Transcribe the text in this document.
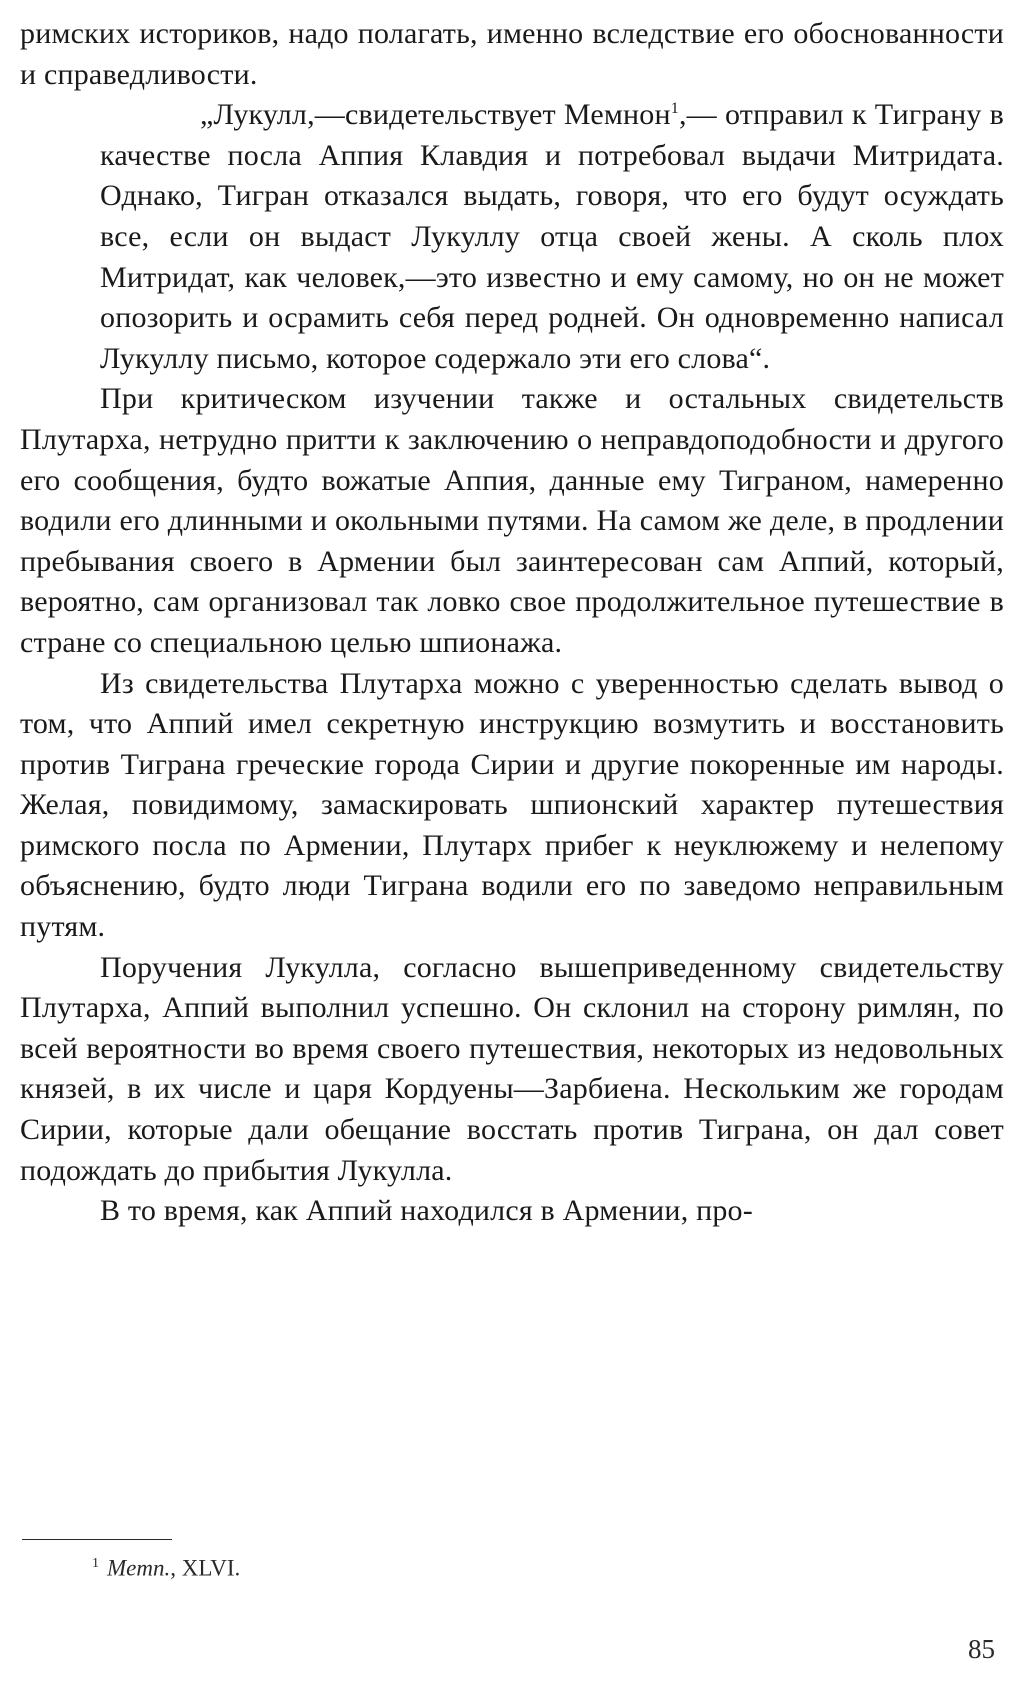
римских историков, надо полагать, именно вследствие его обоснованности и справедливости.

„Лукулл,—свидетельствует Мемнон$^1$,— отправил к Тиграну в качестве посла Аппия Клавдия и потребовал выдачи Митридата. Однако, Тигран отказался выдать, говоря, что его будут осуждать все, если он выдаст Лукуллу отца своей жены. А сколь плох Митридат, как человек,—это известно и ему самому, но он не может опозорить и осрамить себя перед родней. Он одновременно написал Лукуллу письмо, которое содержало эти его слова“.

При критическом изучении также и остальных свидетельств Плутарха, нетрудно притти к заключению о неправдоподобности и другого его сообщения, будто вожатые Аппия, данные ему Тиграном, намеренно водили его длинными и окольными путями. На самом же деле, в продлении пребывания своего в Армении был заинтересован сам Аппий, который, вероятно, сам организовал так ловко свое продолжительное путешествие в стране со специальною целью шпионажа.

Из свидетельства Плутарха можно с уверенностью сделать вывод о том, что Аппий имел секретную инструкцию возмутить и восстановить против Тиграна греческие города Сирии и другие покоренные им народы. Желая, повидимому, замаскировать шпионский характер путешествия римского посла по Армении, Плутарх прибег к неуклюжему и нелепому объяснению, будто люди Тиграна водили его по заведомо неправильным путям.

Поручения Лукулла, согласно вышеприведенному свидетельству Плутарха, Аппий выполнил успешно. Он склонил на сторону римлян, по всей вероятности во время своего путешествия, некоторых из недовольных князей, в их числе и царя Кордуены—Зарбиена. Нескольким же городам Сирии, которые дали обещание восстать против Тиграна, он дал совет подождать до прибытия Лукулла.

В то время, как Аппий находился в Армении, про-

$^1$ Memn., XLVI.
85
